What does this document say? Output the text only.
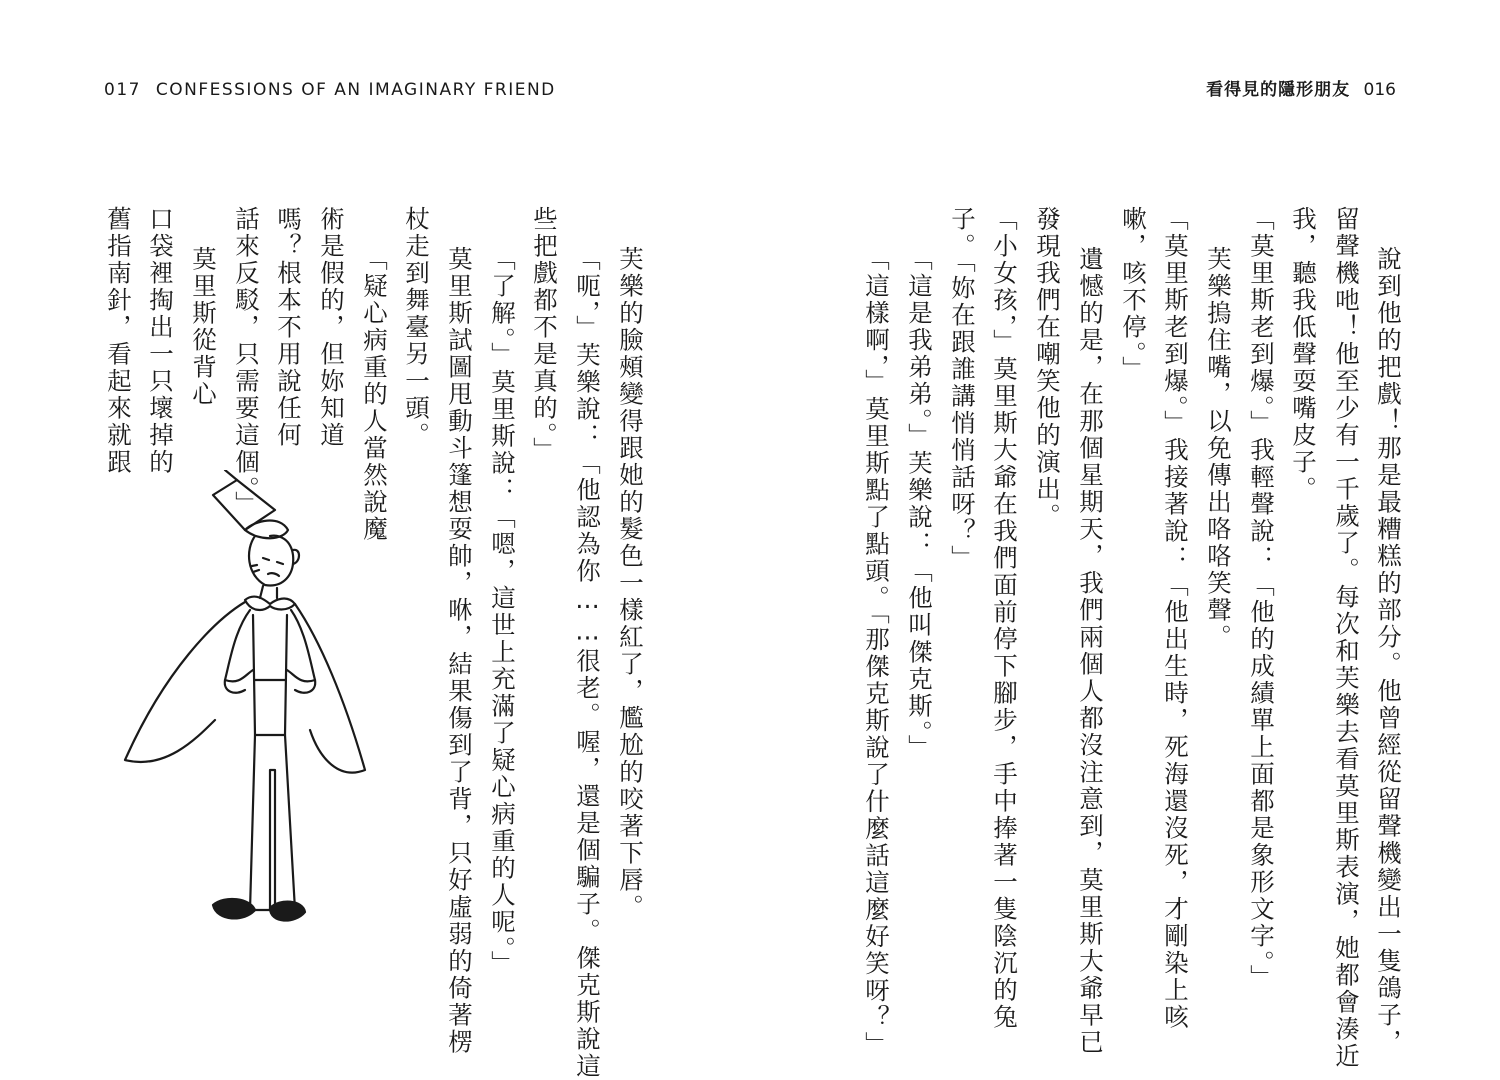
017 CONFESSIONS OF AN IMAGINARY FRIEND	看得見的隱形朋友 016
說到他的把戲！那是最糟糕的部分。他曾經從留聲機變出一隻鴿子，
留聲機吔！他至少有一千歲了。每次和芙樂去看莫里斯表演，她都會湊近
我，聽我低聲耍嘴皮子。
「莫里斯老到爆。」我輕聲說：「他的成績單上面都是象形文字。」
芙樂摀住嘴，以免傳出咯咯笑聲。
「莫里斯老到爆。」我接著說：「他出生時，死海還沒死，才剛染上咳
嗽，咳不停。」
遺憾的是，在那個星期天，我們兩個人都沒注意到，莫里斯大爺早已
發現我們在嘲笑他的演出。
「小女孩，」莫里斯大爺在我們面前停下腳步，手中捧著一隻陰沉的兔
子。「妳在跟誰講悄悄話呀？」
「這是我弟弟。」芙樂說：「他叫傑克斯。」
「這樣啊，」莫里斯點了點頭。「那傑克斯說了什麼話這麼好笑呀？」
芙樂的臉頰變得跟她的髮色一樣紅了，尷尬的咬著下唇。
「呃，」芙樂說：「他認為你……很老。喔，還是個騙子。傑克斯說這
些把戲都不是真的。」
「了解。」莫里斯說：「嗯，這世上充滿了疑心病重的人呢。」
莫里斯試圖甩動斗篷想耍帥，咻，結果傷到了背，只好虛弱的倚著楞
杖走到舞臺另一頭。
「疑心病重的人當然說魔
術是假的，但妳知道
嗎？根本不用說任何
話來反駁，只需要這個。」
莫里斯從背心
口袋裡掏出一只壞掉的
舊指南針，看起來就跟
